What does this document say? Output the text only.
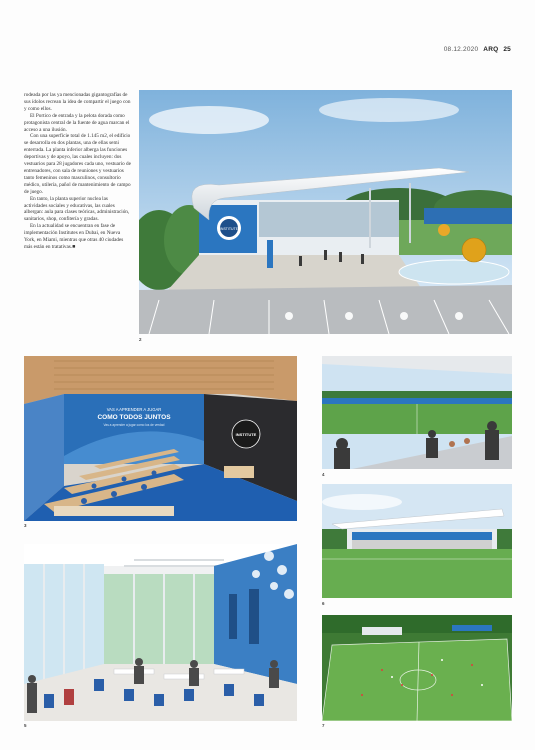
08.12.2020 ARQ 25

rodeada por las ya mencionadas gigantografías de sus ídolos recrean la idea de compartir el juego con y como ellos.

El Portico de entrada y la pelota dorada como protagonista central de la fuente de agua marcan el acceso a una ilusión.

Con una superficie total de 1.145 m2, el edificio se desarrolla en dos plantas, una de ellas semi enterrada. La planta inferior alberga las funciones deportivas y de apoyo, las cuales incluyen: dos vestuarios para 28 jugadores cada uno, vestuario de entrenadores, con sala de reuniones y vestuarios tanto femeninos como masculinos, consultorio médico, utilería, pañol de mantenimiento de campo de juego.

En tanto, la planta superior nuclea las actividades sociales y educativas, las cuales albergan: aula para clases teóricas, administración, sanitarios, shop, confitería y gradas.

En la actualidad se encuentran en fase de implementación Institutes en Dubai, en Nueva York, en Miami, mientras que otras 40 ciudades más están en tratativas.■

INSTITUTE
2
VAS A APRENDER A JUGAR
COMO TODOS JUNTOS
Vas a aprender a jugar como los de verdad
INSTITUTE
3
4
5
6
7
